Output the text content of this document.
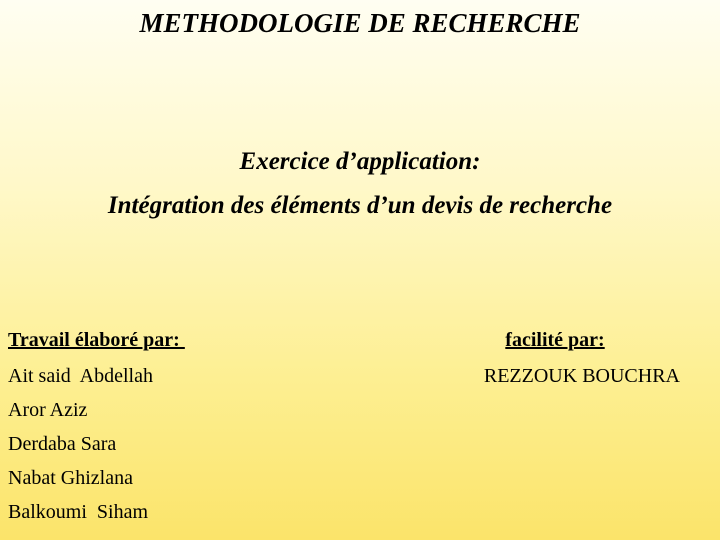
METHODOLOGIE DE RECHERCHE
Exercice d’application:
Intégration des éléments d’un devis de recherche
Travail élaboré par:
Ait said  Abdellah
Aror Aziz
Derdaba Sara
Nabat Ghizlana
Balkoumi  Siham
facilité par:
REZZOUK BOUCHRA
